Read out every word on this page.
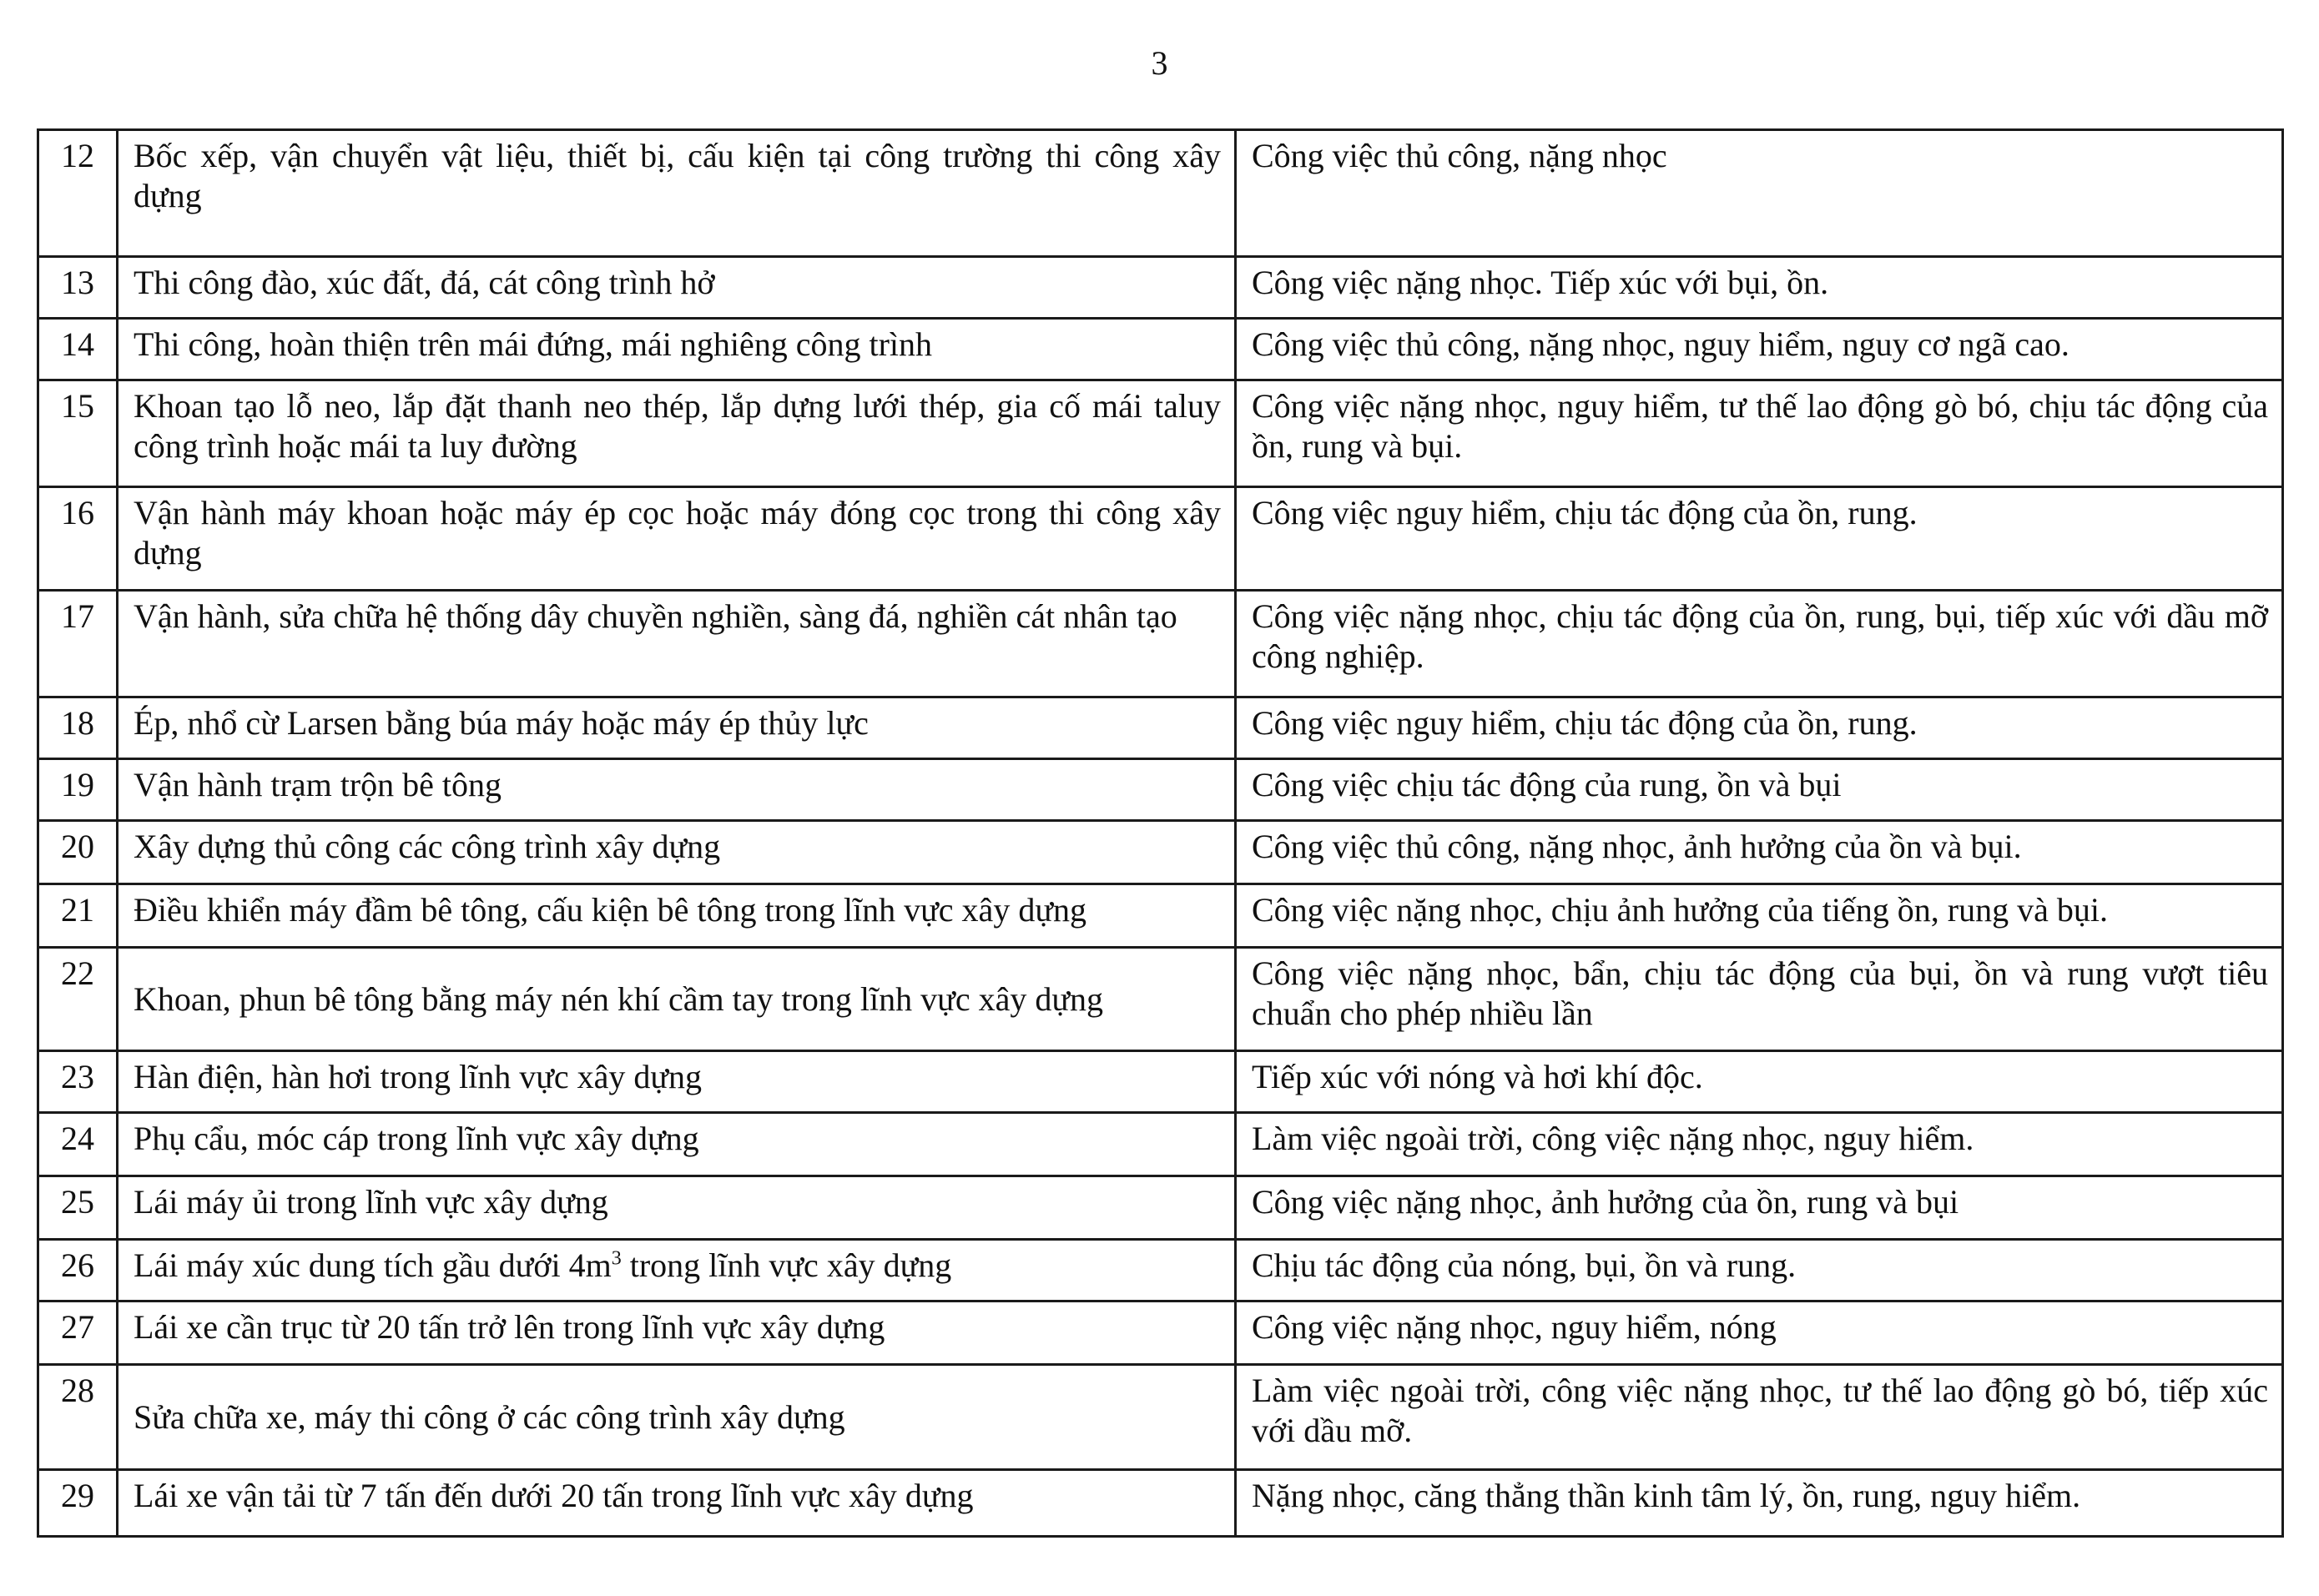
3
12	Bốc xếp, vận chuyển vật liệu, thiết bị, cấu kiện tại công trường thi công xây dựng	Công việc thủ công, nặng nhọc
13	Thi công đào, xúc đất, đá, cát công trình hở	Công việc nặng nhọc. Tiếp xúc với bụi, ồn.
14	Thi công, hoàn thiện trên mái đứng, mái nghiêng công trình	Công việc thủ công, nặng nhọc, nguy hiểm, nguy cơ ngã cao.
15	Khoan tạo lỗ neo, lắp đặt thanh neo thép, lắp dựng lưới thép, gia cố mái taluy công trình hoặc mái ta luy đường	Công việc nặng nhọc, nguy hiểm, tư thế lao động gò bó, chịu tác động của ồn, rung và bụi.
16	Vận hành máy khoan hoặc máy ép cọc hoặc máy đóng cọc trong thi công xây dựng	Công việc nguy hiểm, chịu tác động của ồn, rung.
17	Vận hành, sửa chữa hệ thống dây chuyền nghiền, sàng đá, nghiền cát nhân tạo	Công việc nặng nhọc, chịu tác động của ồn, rung, bụi, tiếp xúc với dầu mỡ công nghiệp.
18	Ép, nhổ cừ Larsen bằng búa máy hoặc máy ép thủy lực	Công việc nguy hiểm, chịu tác động của ồn, rung.
19	Vận hành trạm trộn bê tông	Công việc chịu tác động của rung, ồn và bụi
20	Xây dựng thủ công các công trình xây dựng	Công việc thủ công, nặng nhọc, ảnh hưởng của ồn và bụi.
21	Điều khiển máy đầm bê tông, cấu kiện bê tông trong lĩnh vực xây dựng	Công việc nặng nhọc, chịu ảnh hưởng của tiếng ồn, rung và bụi.
22	Khoan, phun bê tông bằng máy nén khí cầm tay trong lĩnh vực xây dựng	Công việc nặng nhọc, bẩn, chịu tác động của bụi, ồn và rung vượt tiêu chuẩn cho phép nhiều lần
23	Hàn điện, hàn hơi trong lĩnh vực xây dựng	Tiếp xúc với nóng và hơi khí độc.
24	Phụ cẩu, móc cáp trong lĩnh vực xây dựng	Làm việc ngoài trời, công việc nặng nhọc, nguy hiểm.
25	Lái máy ủi trong lĩnh vực xây dựng	Công việc nặng nhọc, ảnh hưởng của ồn, rung và bụi
26	Lái máy xúc dung tích gầu dưới $4m^3$ trong lĩnh vực xây dựng	Chịu tác động của nóng, bụi, ồn và rung.
27	Lái xe cần trục từ 20 tấn trở lên trong lĩnh vực xây dựng	Công việc nặng nhọc, nguy hiểm, nóng
28	Sửa chữa xe, máy thi công ở các công trình xây dựng	Làm việc ngoài trời, công việc nặng nhọc, tư thế lao động gò bó, tiếp xúc với dầu mỡ.
29	Lái xe vận tải từ 7 tấn đến dưới 20 tấn trong lĩnh vực xây dựng	Nặng nhọc, căng thẳng thần kinh tâm lý, ồn, rung, nguy hiểm.
